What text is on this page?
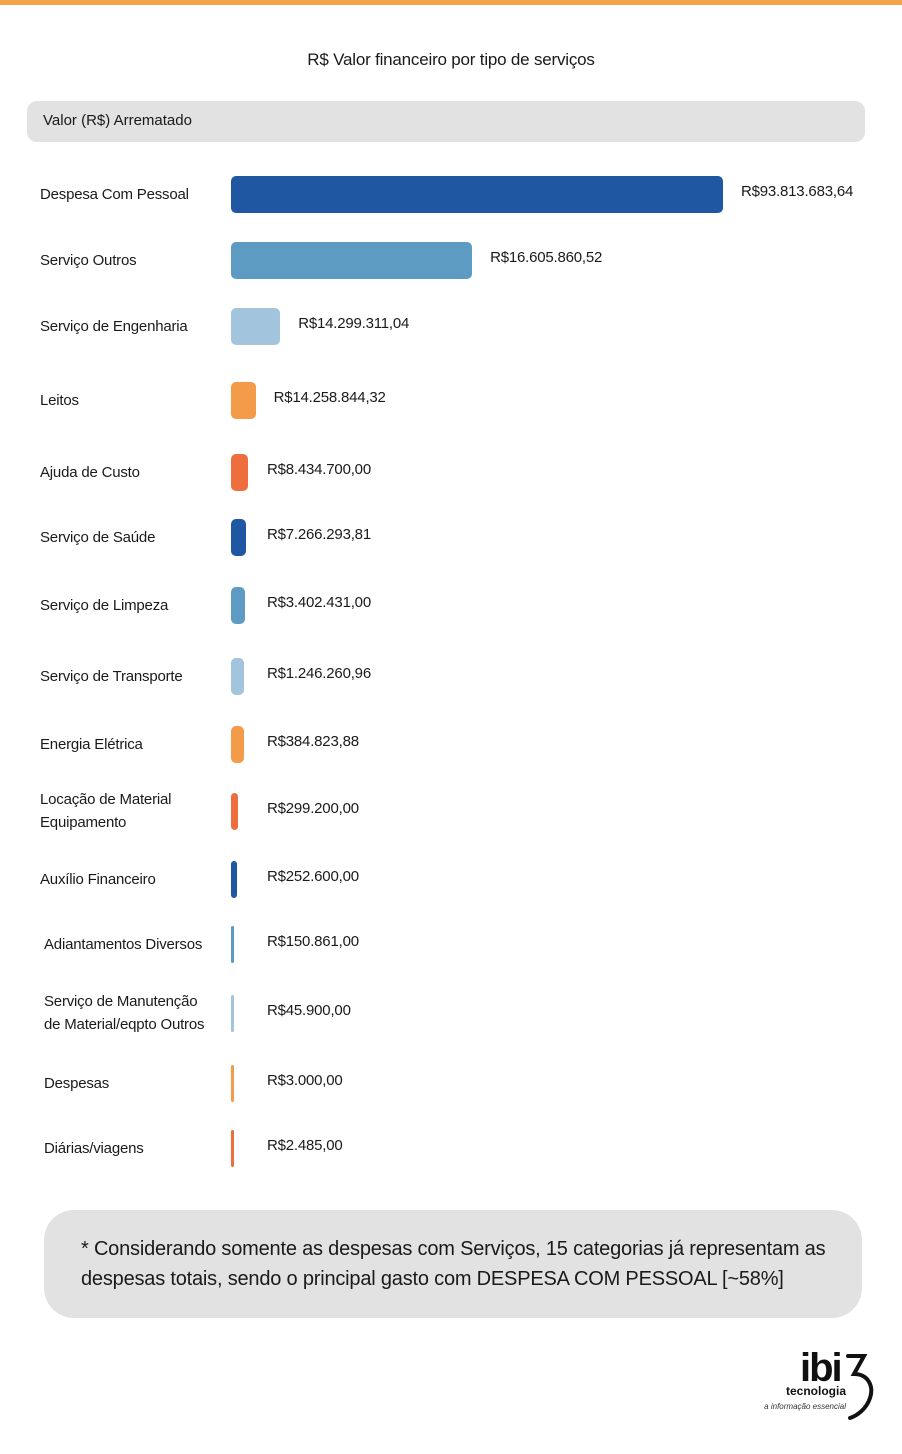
R$ Valor financeiro por tipo de serviços
Valor (R$) Arrematado
Despesa Com Pessoal	R$93.813.683,64
Serviço Outros	R$16.605.860,52
Serviço de Engenharia	R$14.299.311,04
Leitos	R$14.258.844,32
Ajuda de Custo	R$8.434.700,00
Serviço de Saúde	R$7.266.293,81
Serviço de Limpeza	R$3.402.431,00
Serviço de Transporte	R$1.246.260,96
Energia Elétrica	R$384.823,88
Locação de Material
Equipamento
R$299.200,00
Auxílio Financeiro	R$252.600,00
Adiantamentos Diversos	R$150.861,00
Serviço de Manutenção
de Material/eqpto Outros
R$45.900,00
Despesas	R$3.000,00
Diárias/viagens	R$2.485,00
* Considerando somente as despesas com Serviços, 15 categorias já representam as despesas totais, sendo o principal gasto com DESPESA COM PESSOAL [~58%]
ibi
tecnologia
a informação essencial
